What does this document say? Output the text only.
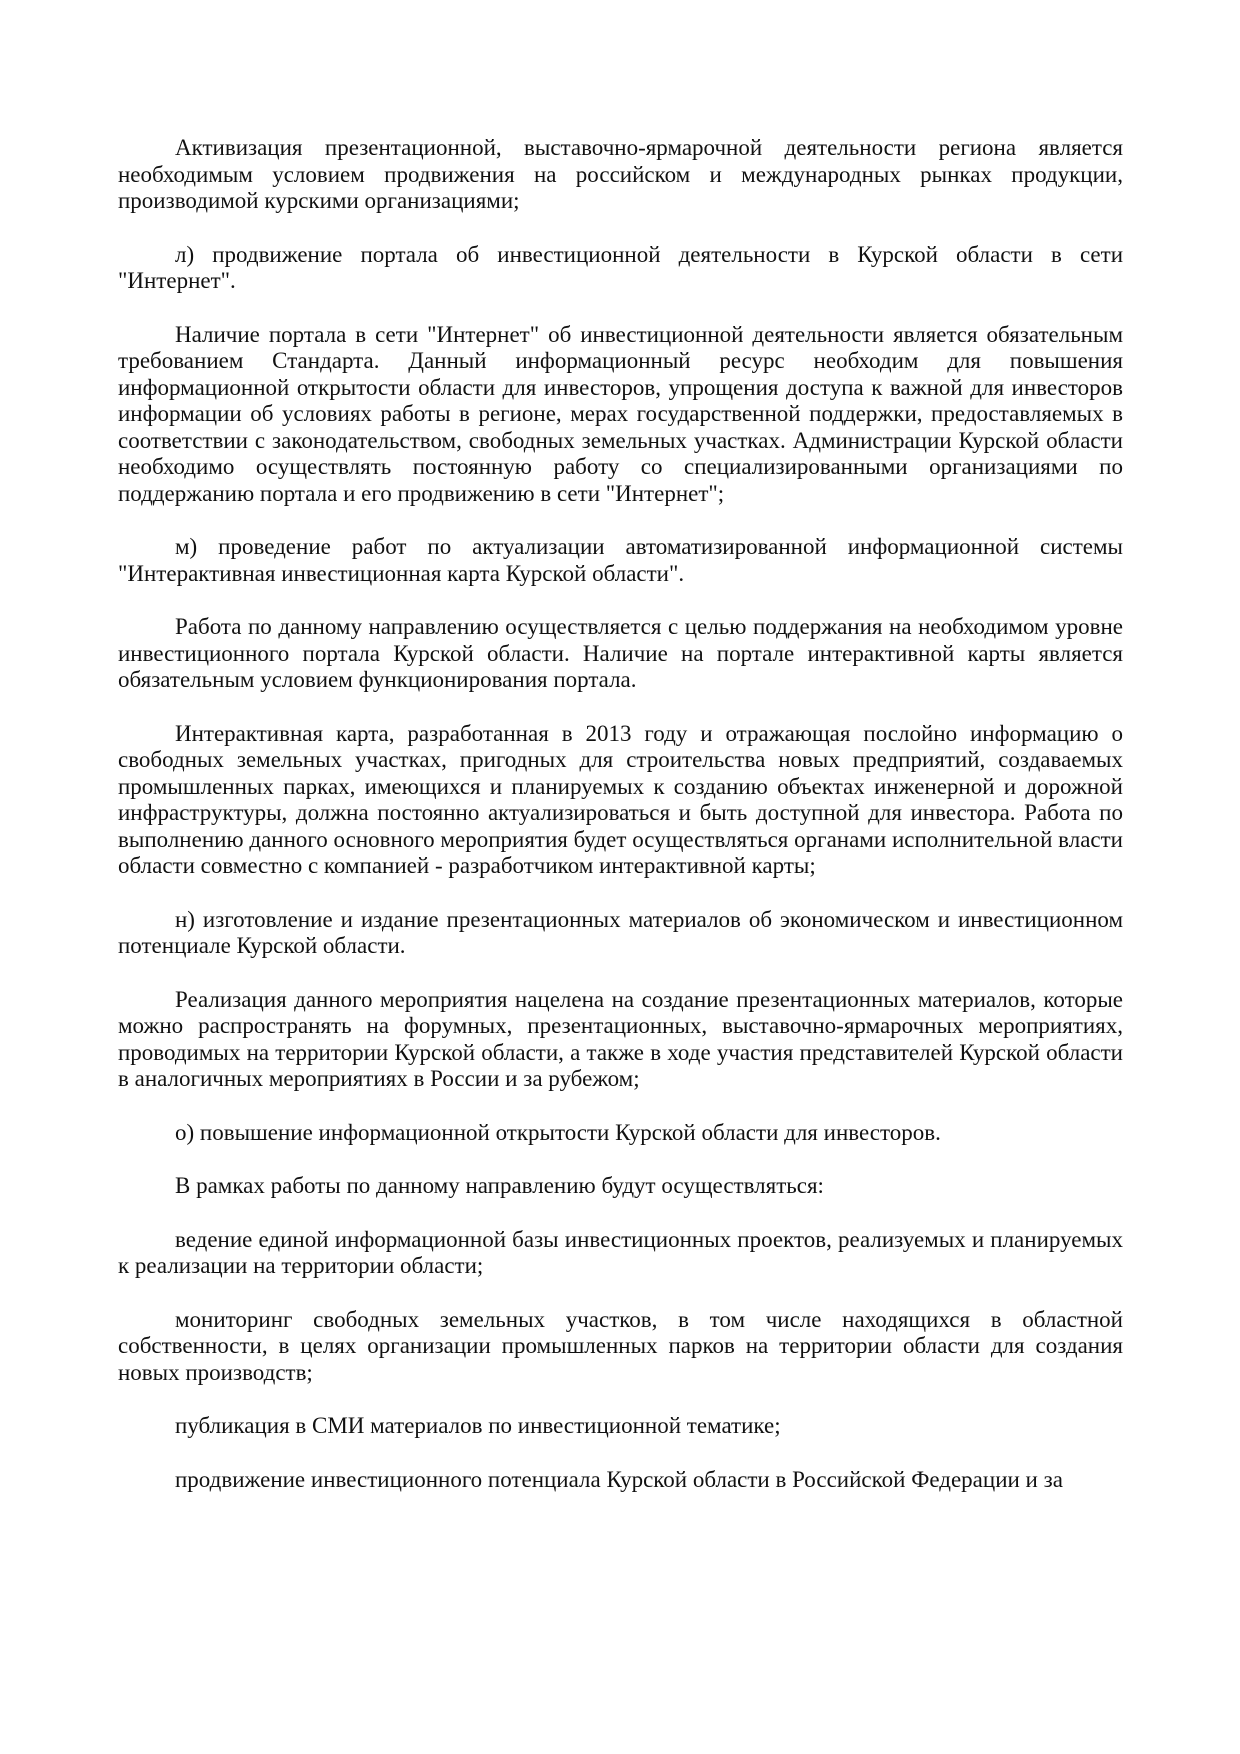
Активизация презентационной, выставочно-ярмарочной деятельности региона является необходимым условием продвижения на российском и международных рынках продукции, производимой курскими организациями;

л) продвижение портала об инвестиционной деятельности в Курской области в сети "Интернет".

Наличие портала в сети "Интернет" об инвестиционной деятельности является обязательным требованием Стандарта. Данный информационный ресурс необходим для повышения информационной открытости области для инвесторов, упрощения доступа к важной для инвесторов информации об условиях работы в регионе, мерах государственной поддержки, предоставляемых в соответствии с законодательством, свободных земельных участках. Администрации Курской области необходимо осуществлять постоянную работу со специализированными организациями по поддержанию портала и его продвижению в сети "Интернет";

м) проведение работ по актуализации автоматизированной информационной системы "Интерактивная инвестиционная карта Курской области".

Работа по данному направлению осуществляется с целью поддержания на необходимом уровне инвестиционного портала Курской области. Наличие на портале интерактивной карты является обязательным условием функционирования портала.

Интерактивная карта, разработанная в 2013 году и отражающая послойно информацию о свободных земельных участках, пригодных для строительства новых предприятий, создаваемых промышленных парках, имеющихся и планируемых к созданию объектах инженерной и дорожной инфраструктуры, должна постоянно актуализироваться и быть доступной для инвестора. Работа по выполнению данного основного мероприятия будет осуществляться органами исполнительной власти области совместно с компанией - разработчиком интерактивной карты;

н) изготовление и издание презентационных материалов об экономическом и инвестиционном потенциале Курской области.

Реализация данного мероприятия нацелена на создание презентационных материалов, которые можно распространять на форумных, презентационных, выставочно-ярмарочных мероприятиях, проводимых на территории Курской области, а также в ходе участия представителей Курской области в аналогичных мероприятиях в России и за рубежом;

о) повышение информационной открытости Курской области для инвесторов.

В рамках работы по данному направлению будут осуществляться:

ведение единой информационной базы инвестиционных проектов, реализуемых и планируемых к реализации на территории области;

мониторинг свободных земельных участков, в том числе находящихся в областной собственности, в целях организации промышленных парков на территории области для создания новых производств;

публикация в СМИ материалов по инвестиционной тематике;

продвижение инвестиционного потенциала Курской области в Российской Федерации и за
